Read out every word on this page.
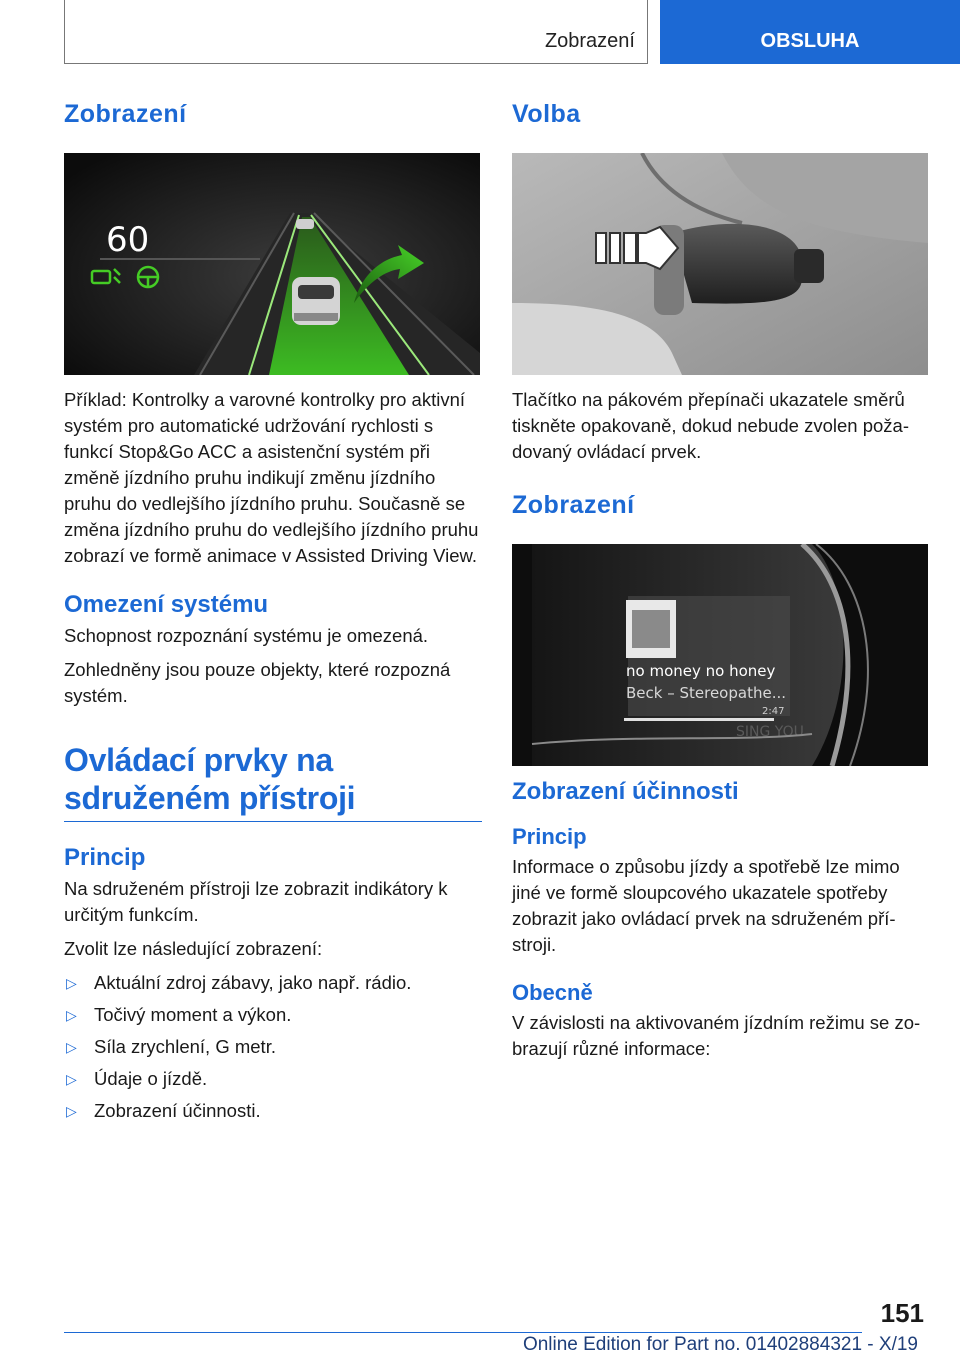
Zobrazení	OBSLUHA
Zobrazení
60

Příklad: Kontrolky a varovné kontrolky pro aktivní systém pro automatické udržování rychlosti s funkcí Stop&Go ACC a asistenční systém při změně jízdního pruhu indikují změnu jízdního pruhu do vedlejšího jízdního pruhu. Současně se změna jízdního pruhu do vedlejšího jízdního pruhu zobrazí ve formě animace v Assisted Driving View.

Omezení systému

Schopnost rozpoznání systému je omezená.

Zohledněny jsou pouze objekty, které rozpozná systém.

Ovládací prvky na
sdruženém přístroji
Princip

Na sdruženém přístroji lze zobrazit indikátory k určitým funkcím.

Zvolit lze následující zobrazení:

▷ Aktuální zdroj zábavy, jako např. rádio.
▷ Točivý moment a výkon.
▷ Síla zrychlení, G metr.
▷ Údaje o jízdě.
▷ Zobrazení účinnosti.
Volba

Tlačítko na pákovém přepínači ukazatele směrů tiskněte opakovaně, dokud nebude zvolen požadovaný ovládací prvek.

Zobrazení
no money no honey
Beck – Stereopathe...
2:47
SING YOU
Zobrazení účinnosti
Princip

Informace o způsobu jízdy a spotřebě lze mimo jiné ve formě sloupcového ukazatele spotřeby zobrazit jako ovládací prvek na sdruženém přístroji.

Obecně

V závislosti na aktivovaném jízdním režimu se zobrazují různé informace:

151
Online Edition for Part no. 01402884321 - X/19
